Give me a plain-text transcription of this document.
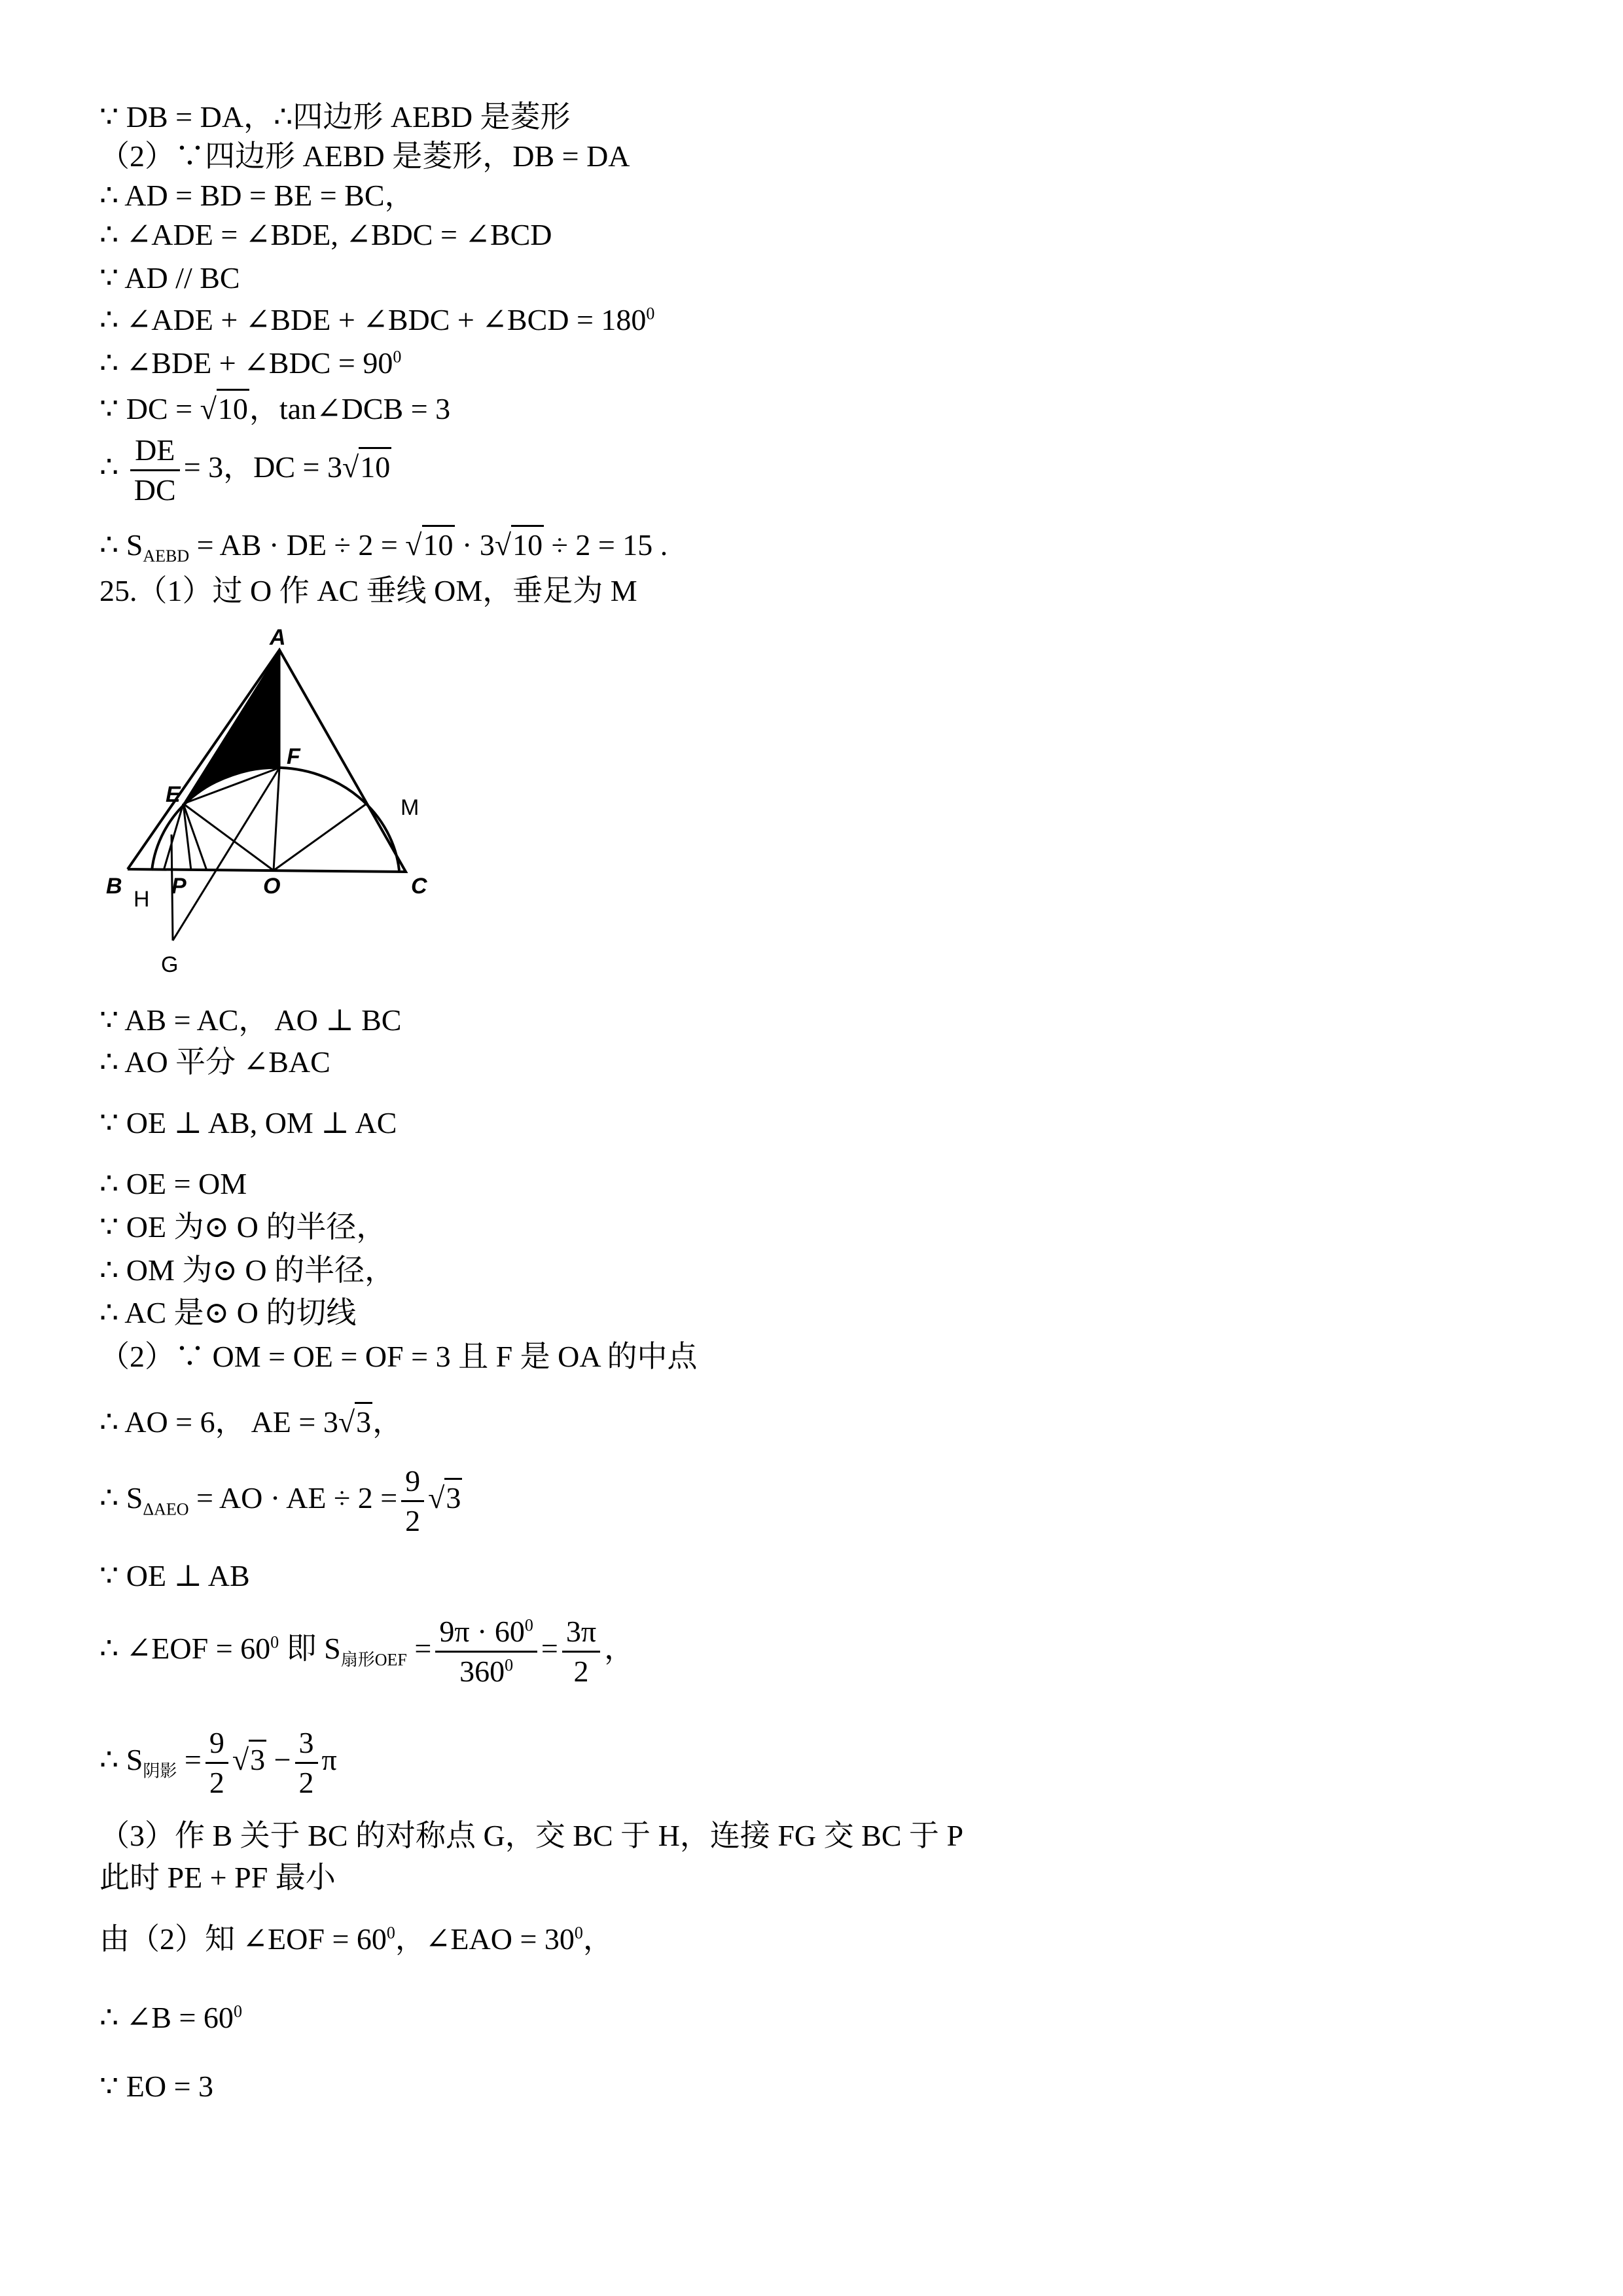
∵ DB = DA，∴四边形 AEBD 是菱形
（2）∵四边形 AEBD 是菱形，DB = DA
∴ AD = BD = BE = BC，
∴ ∠ADE = ∠BDE, ∠BDC = ∠BCD
∵ AD // BC
∴ ∠ADE + ∠BDE + ∠BDC + ∠BCD = $180^0$
∴ ∠BDE + ∠BDC = $90^0$
∵ DC = √10，tan∠DCB = 3
∴ $\frac{DE}{DC} = 3$，DC = 3√10
∴ $S_{AEBD}$ = AB · DE ÷ 2 = √10 · 3√10 ÷ 2 = 15 .
25.（1）过 O 作 AC 垂线 OM，垂足为 M
A
F
E
M
B
H
P	O	C
G
∵ AB = AC， AO ⊥ BC
∴ AO 平分 ∠BAC
∵ OE ⊥ AB, OM ⊥ AC
∴ OE = OM
∵ OE 为⊙ O 的半径，
∴ OM 为⊙ O 的半径，
∴ AC 是⊙ O 的切线
（2）∵ OM = OE = OF = 3 且 F 是 OA 的中点
∴ AO = 6， AE = 3√3，
∴ $S_{\Delta AEO}$ = AO · AE ÷ $2 = \frac{9}{2} √3$
∵ OE ⊥ AB
∴ ∠EOF = $60^0$ 即 $S_{扇形OEF} = \frac{9\pi \cdot 60^0}{360^0} = \frac{3\pi}{2}$ ，
∴ $S_{阴影} = \frac{9}{2} √3 - \frac{3}{2}$ π
（3）作 B 关于 BC 的对称点 G，交 BC 于 H，连接 FG 交 BC 于 P
此时 PE + PF 最小
由（2）知 ∠EOF = $60^0$，∠EAO = $30^0$，
∴ ∠B = $60^0$
∵ EO = 3
